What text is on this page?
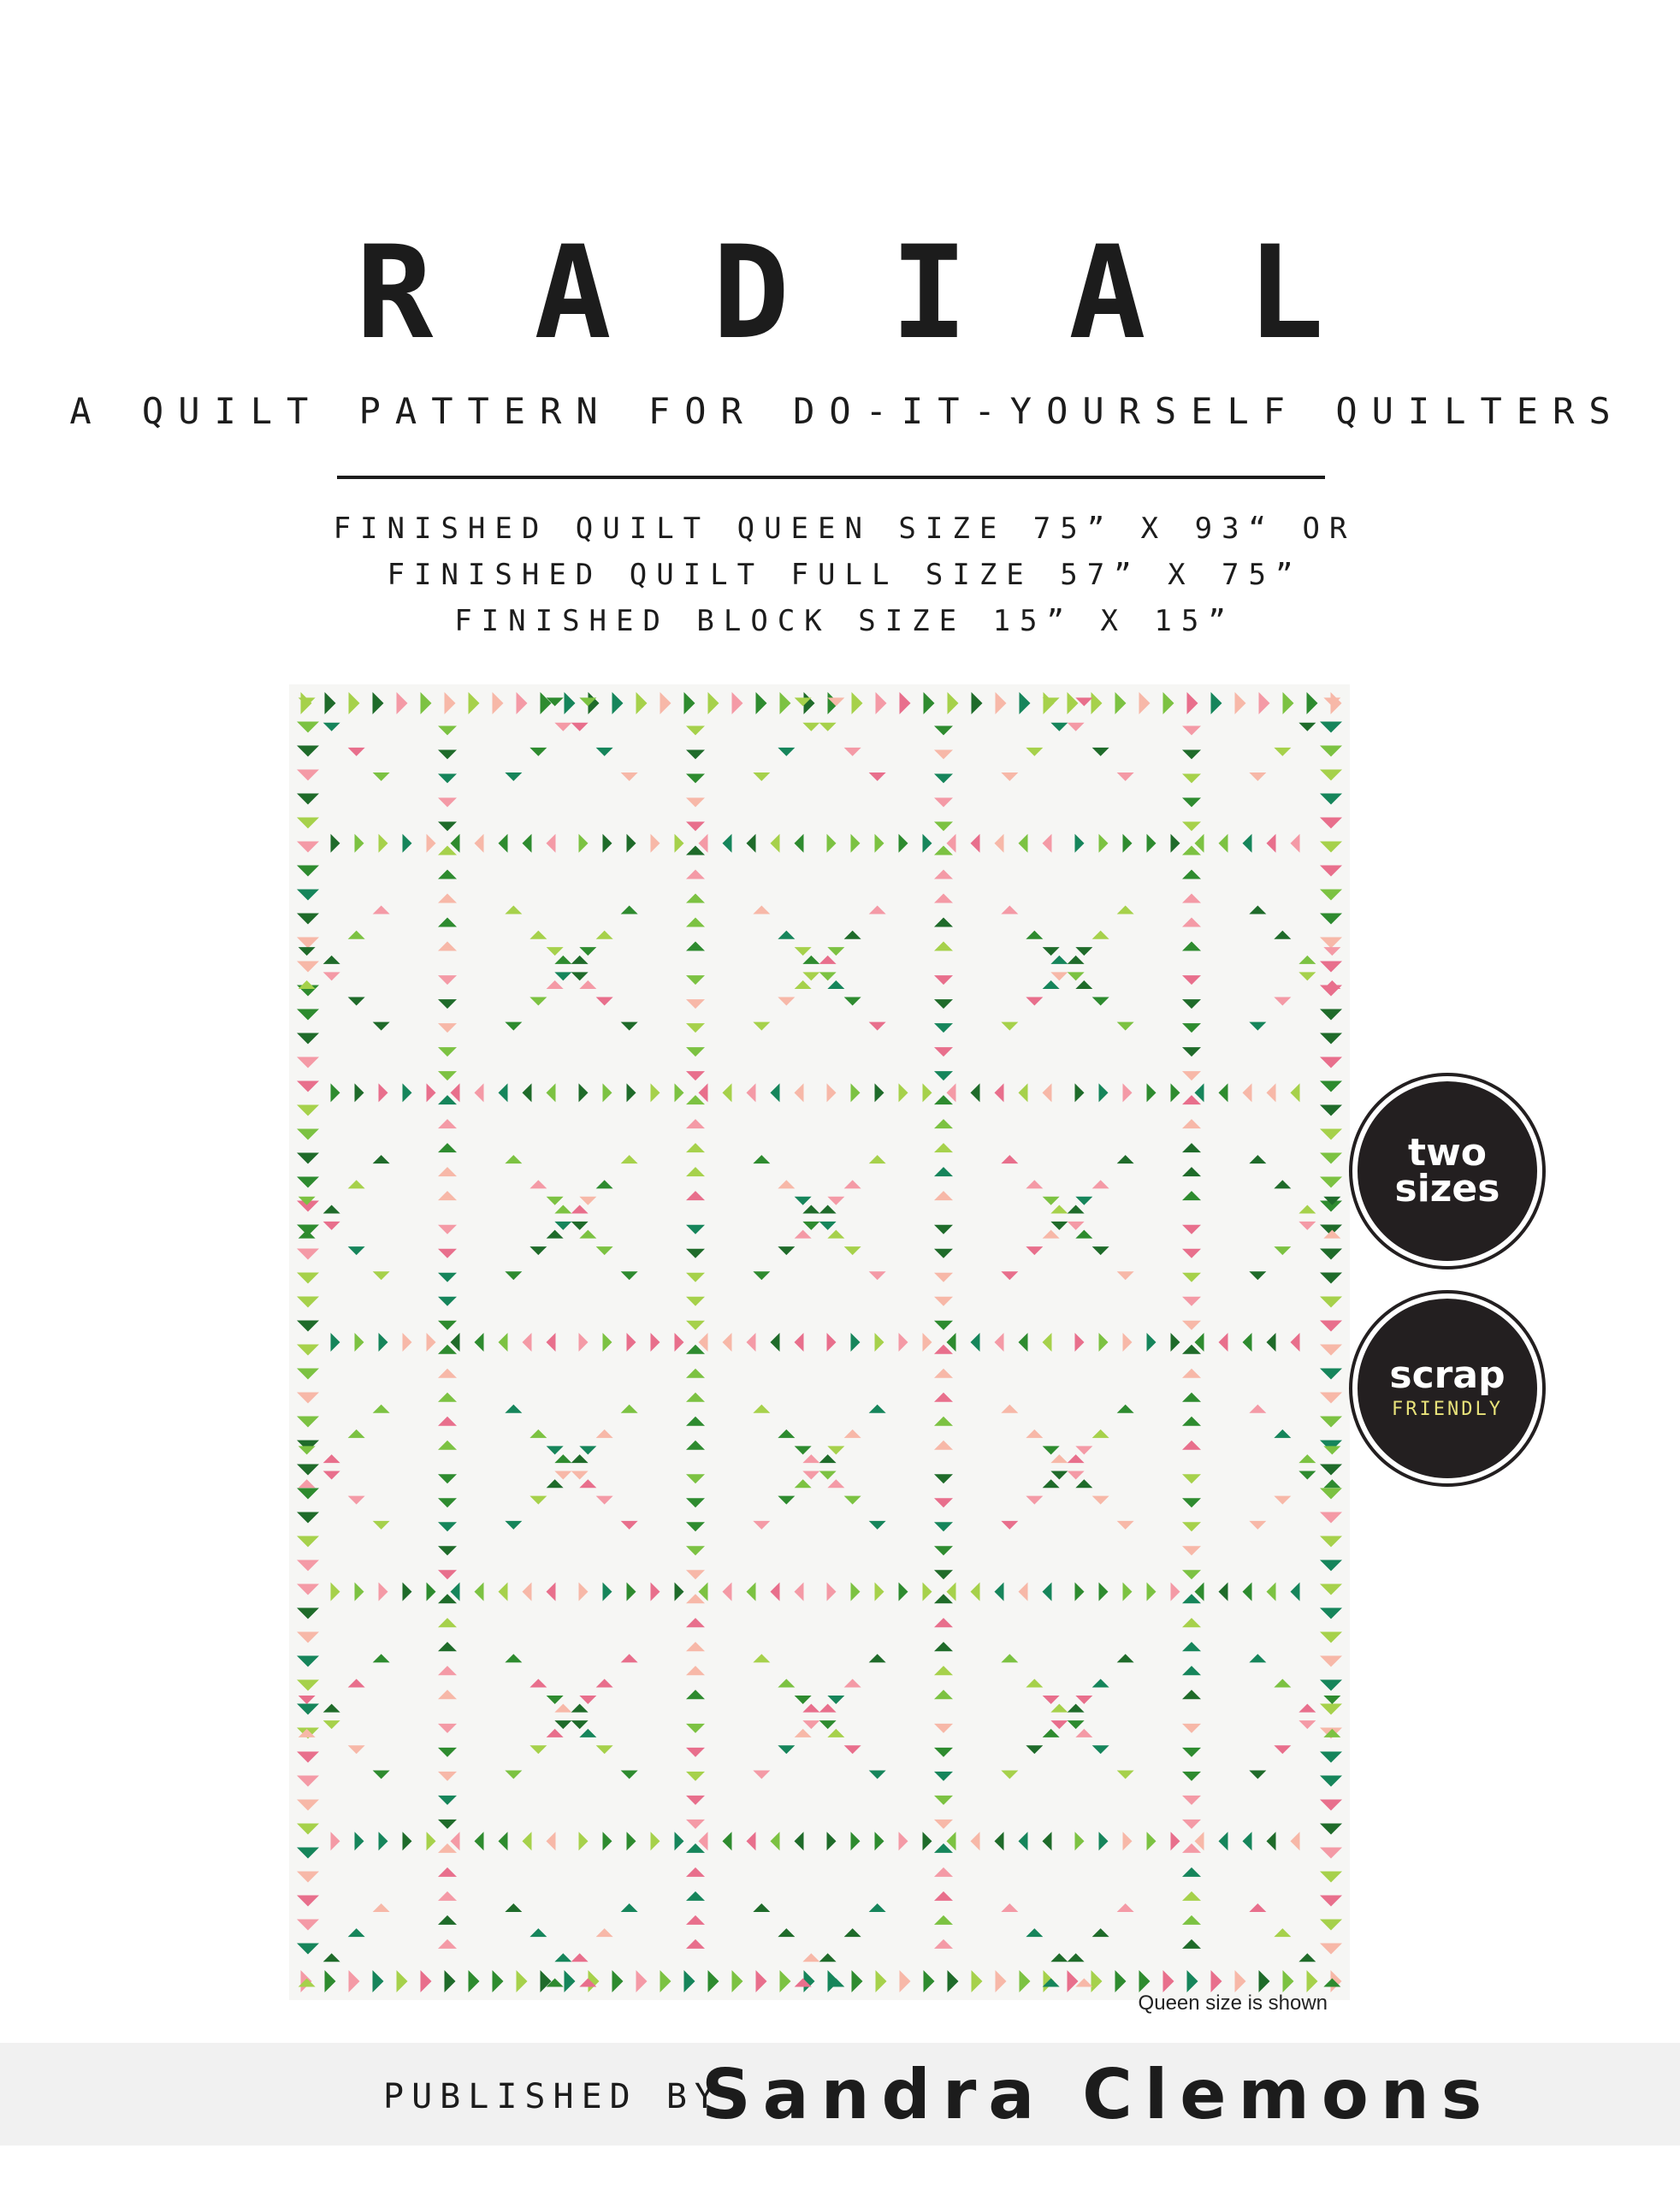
RADIAL
A QUILT PATTERN FOR DO-IT-YOURSELF QUILTERS
FINISHED QUILT QUEEN SIZE 75” X 93“ OR
FINISHED QUILT FULL SIZE 57” X 75”
FINISHED BLOCK SIZE 15” X 15”
Queen size is shown
two
sizes
scrap
FRIENDLY
PUBLISHED BY
Sandra Clemons
